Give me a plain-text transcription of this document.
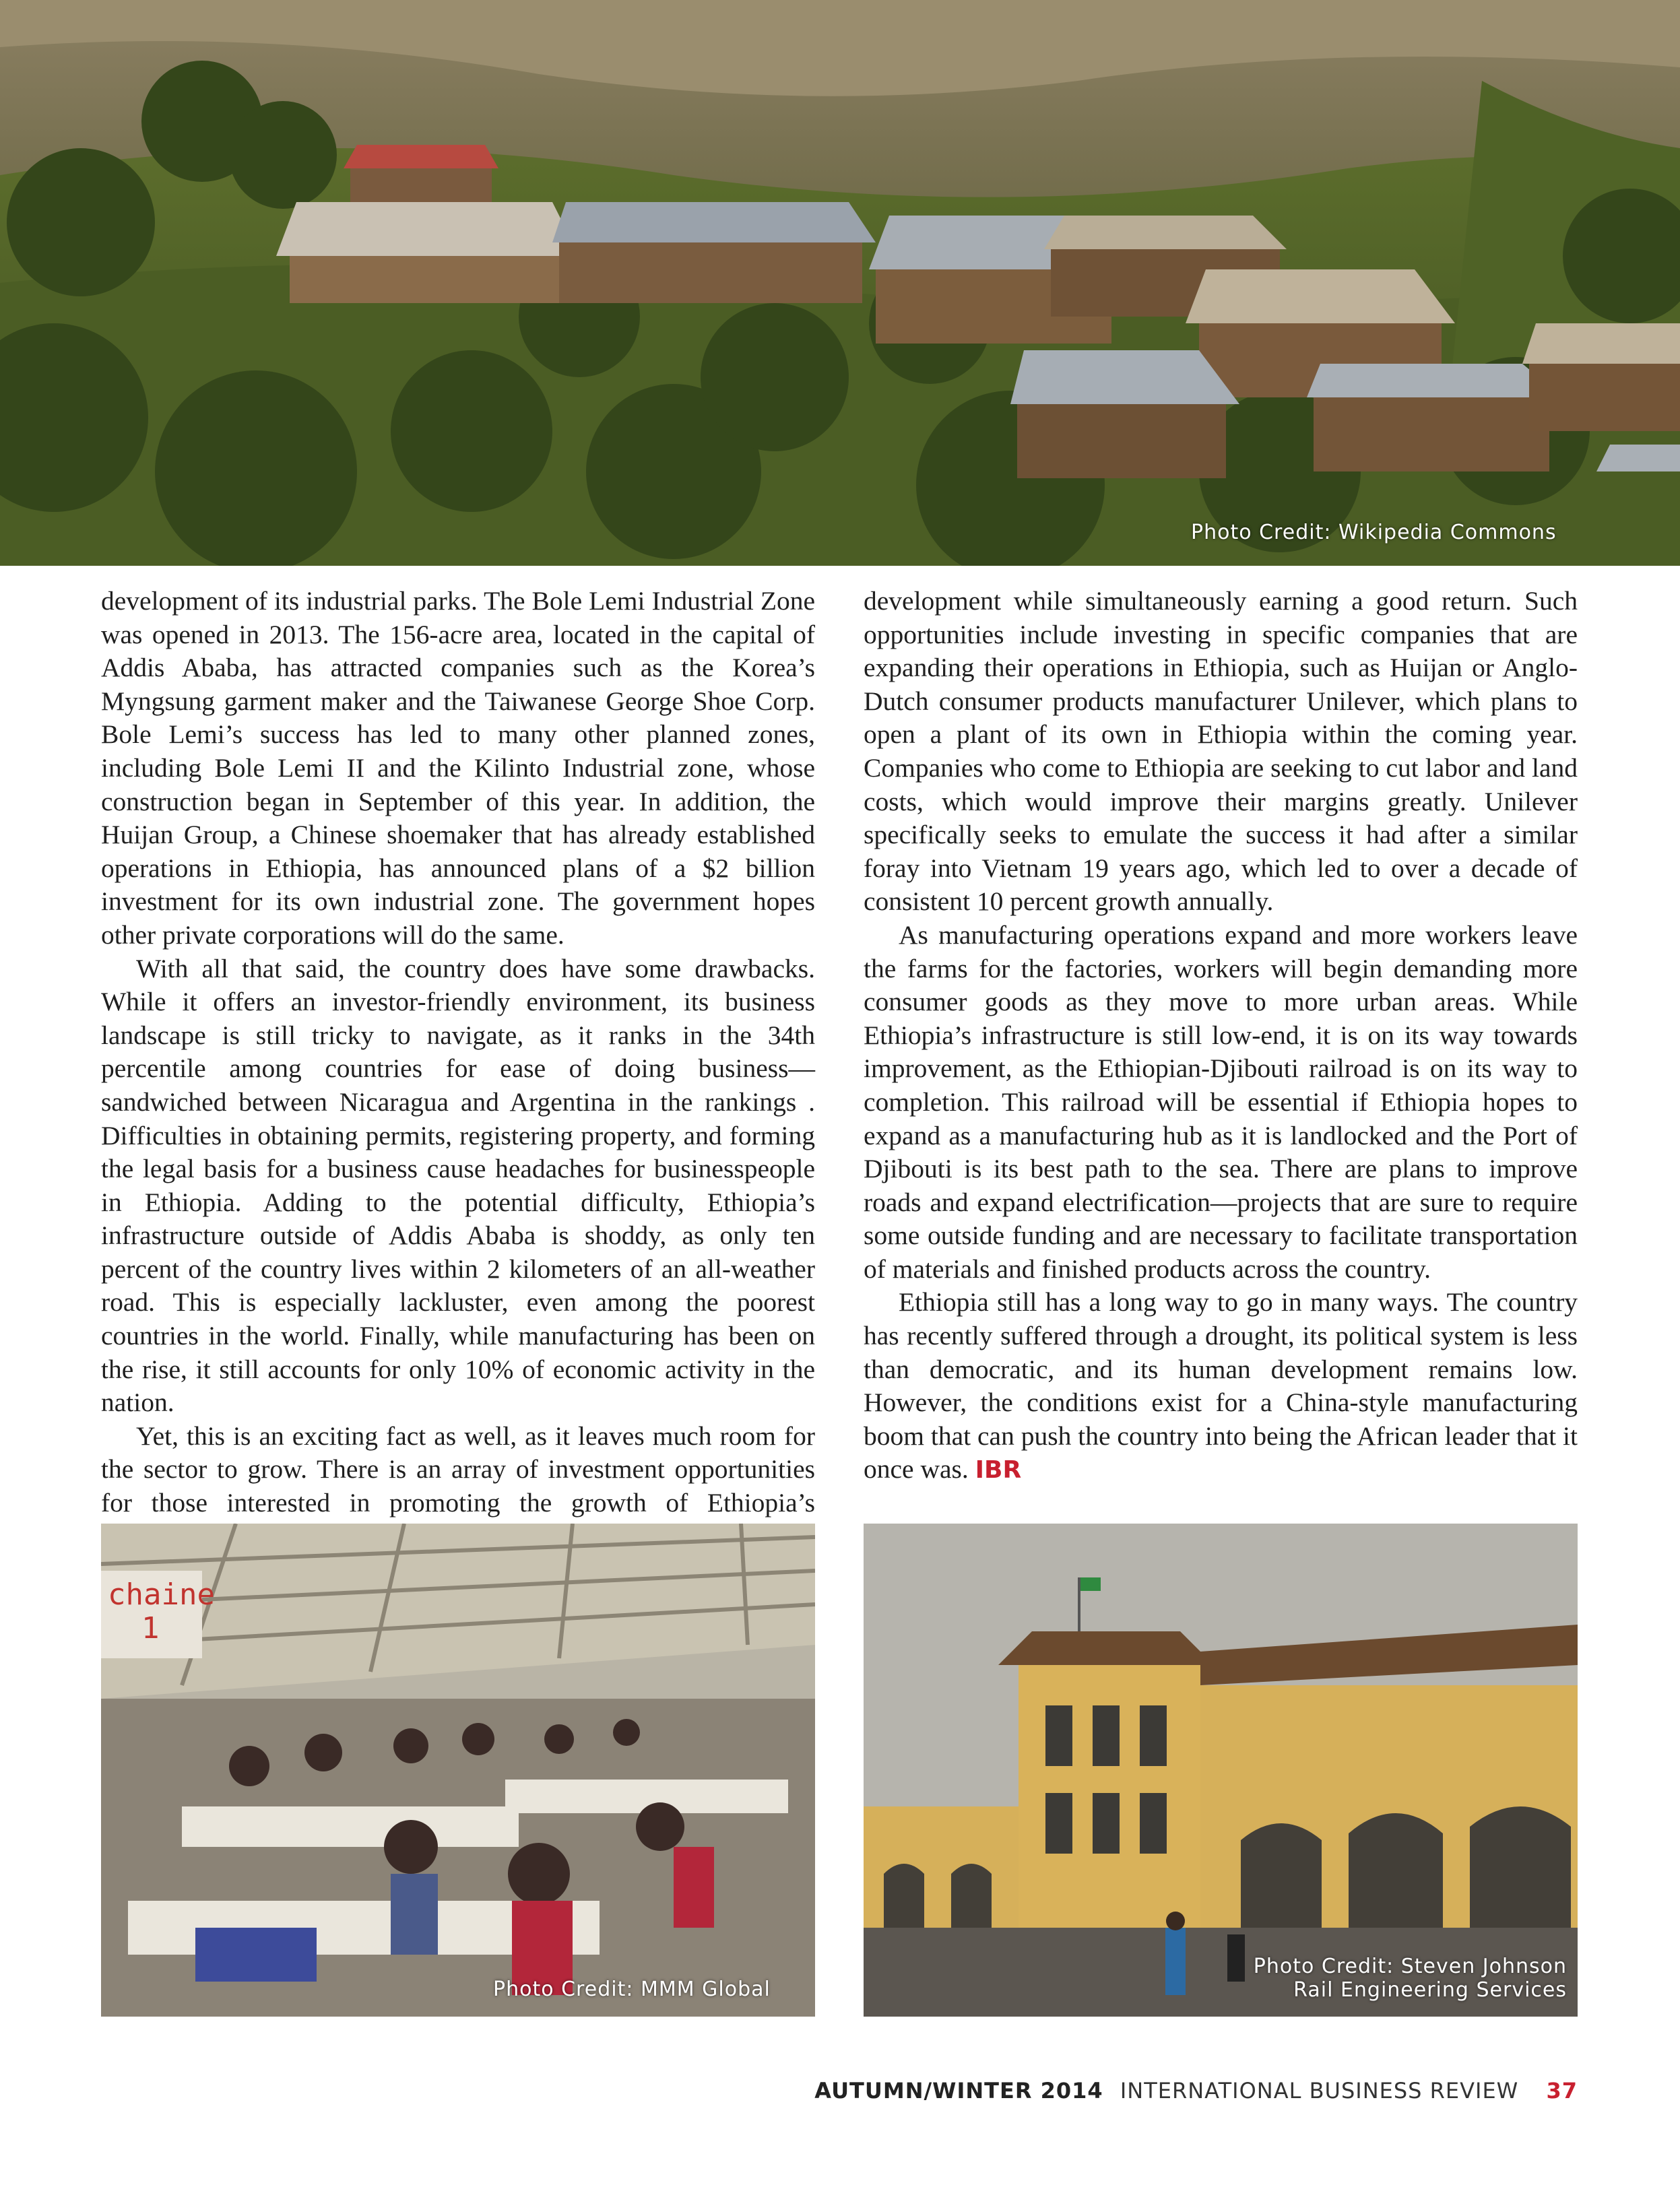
Photo Credit: Wikipedia Commons

development of its industrial parks. The Bole Lemi Industrial Zone was opened in 2013. The 156-acre area, located in the capital of Addis Ababa, has attracted companies such as the Korea’s Myngsung garment maker and the Taiwanese George Shoe Corp. Bole Lemi’s success has led to many other planned zones, including Bole Lemi II and the Kilinto Industrial zone, whose construction began in September of this year. In addition, the Huijan Group, a Chinese shoemaker that has already established operations in Ethiopia, has announced plans of a $2 billion investment for its own industrial zone. The government hopes other private corporations will do the same.

With all that said, the country does have some drawbacks. While it offers an investor-friendly environment, its business landscape is still tricky to navigate, as it ranks in the 34th percentile among countries for ease of doing business—sandwiched between Nicaragua and Argentina in the rankings . Difficulties in obtaining permits, registering property, and forming the legal basis for a business cause headaches for businesspeople in Ethiopia. Adding to the potential difficulty, Ethiopia’s infrastructure outside of Addis Ababa is shoddy, as only ten percent of the country lives within 2 kilometers of an all-weather road. This is especially lackluster, even among the poorest countries in the world. Finally, while manufacturing has been on the rise, it still accounts for only 10% of economic activity in the nation.

Yet, this is an exciting fact as well, as it leaves much room for the sector to grow. There is an array of investment opportunities for those interested in promoting the growth of Ethiopia’s

development while simultaneously earning a good return. Such opportunities include investing in specific companies that are expanding their operations in Ethiopia, such as Huijan or Anglo-Dutch consumer products manufacturer Unilever, which plans to open a plant of its own in Ethiopia within the coming year. Companies who come to Ethiopia are seeking to cut labor and land costs, which would improve their margins greatly. Unilever specifically seeks to emulate the success it had after a similar foray into Vietnam 19 years ago, which led to over a decade of consistent 10 percent growth annually.

As manufacturing operations expand and more workers leave the farms for the factories, workers will begin demanding more consumer goods as they move to more urban areas. While Ethiopia’s infrastructure is still low-end, it is on its way towards improvement, as the Ethiopian-Djibouti railroad is on its way to completion. This railroad will be essential if Ethiopia hopes to expand as a manufacturing hub as it is landlocked and the Port of Djibouti is its best path to the sea. There are plans to improve roads and expand electrification—projects that are sure to require some outside funding and are necessary to facilitate transportation of materials and finished products across the country.

Ethiopia still has a long way to go in many ways. The country has recently suffered through a drought, its political system is less than democratic, and its human development remains low. However, the conditions exist for a China-style manufacturing boom that can push the country into being the African leader that it once was. IBR

chaine
1
Photo Credit: MMM Global
Photo Credit: Steven Johnson
Rail Engineering Services
AUTUMN/WINTER 2014 INTERNATIONAL BUSINESS REVIEW 37
